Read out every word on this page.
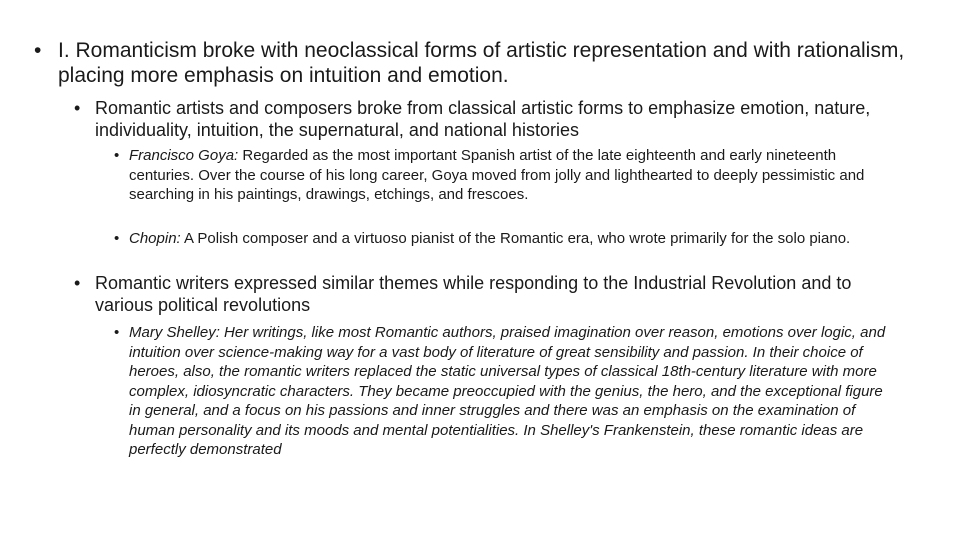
• I. Romanticism broke with neoclassical forms of artistic representation and with rationalism, placing more emphasis on intuition and emotion.

• Romantic artists and composers broke from classical artistic forms to emphasize emotion, nature, individuality, intuition, the supernatural, and national histories

• Francisco Goya: Regarded as the most important Spanish artist of the late eighteenth and early nineteenth centuries. Over the course of his long career, Goya moved from jolly and lighthearted to deeply pessimistic and searching in his paintings, drawings, etchings, and frescoes.

• Chopin: A Polish composer and a virtuoso pianist of the Romantic era, who wrote primarily for the solo piano.

• Romantic writers expressed similar themes while responding to the Industrial Revolution and to various political revolutions

• Mary Shelley: Her writings, like most Romantic authors, praised imagination over reason, emotions over logic, and intuition over science-making way for a vast body of literature of great sensibility and passion. In their choice of heroes, also, the romantic writers replaced the static universal types of classical 18th-century literature with more complex, idiosyncratic characters. They became preoccupied with the genius, the hero, and the exceptional figure in general, and a focus on his passions and inner struggles and there was an emphasis on the examination of human personality and its moods and mental potentialities. In Shelley's Frankenstein, these romantic ideas are perfectly demonstrated
